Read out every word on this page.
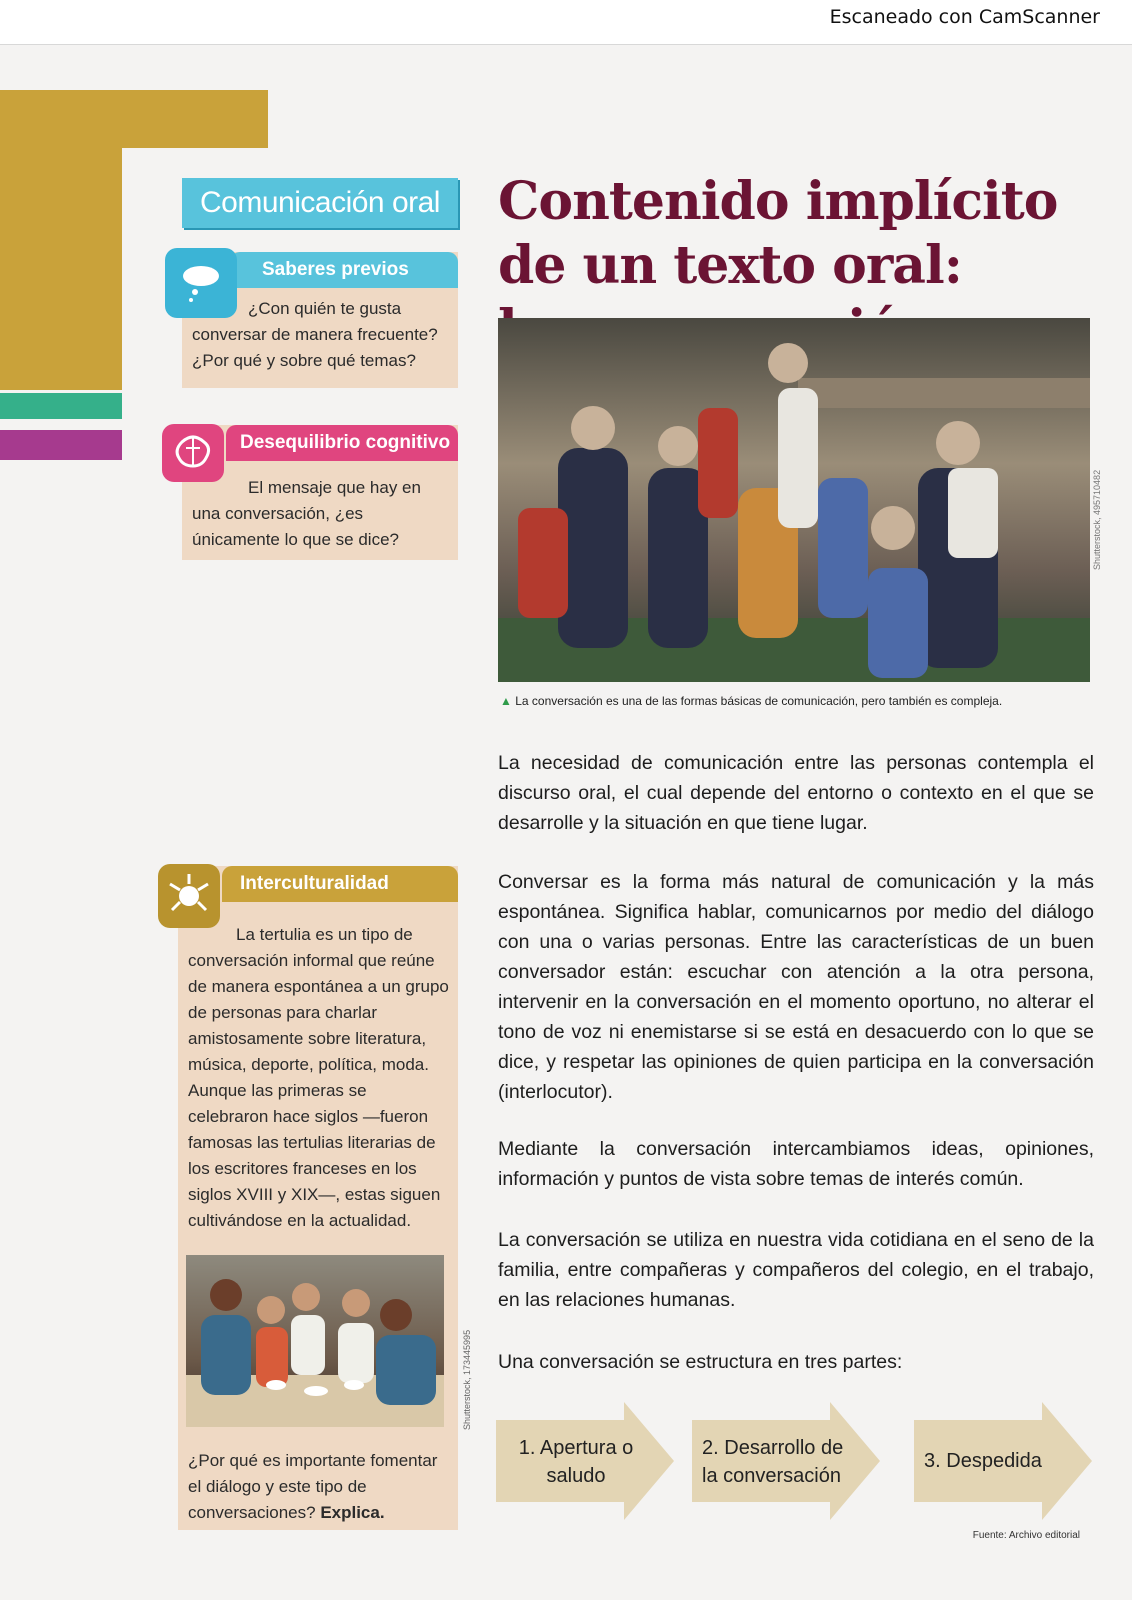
Escaneado con CamScanner
Comunicación oral
Saberes previos
¿Con quién te gusta conversar de manera frecuente? ¿Por qué y sobre qué temas?
Desequilibrio cognitivo
El mensaje que hay en una conversación, ¿es únicamente lo que se dice?
Contenido implícito de un texto oral:
Shutterstock, 495710482
▲ La conversación es una de las formas básicas de comunicación, pero también es compleja.
La necesidad de comunicación entre las personas contempla el discurso oral, el cual depende del entorno o contexto en el que se desarrolle y la situación en que tiene lugar.
Conversar es la forma más natural de comunicación y la más espontánea. Significa hablar, comunicarnos por medio del diálogo con una o varias personas. Entre las características de un buen conversador están: escuchar con atención a la otra persona, intervenir en la conversación en el momento oportuno, no alterar el tono de voz ni enemistarse si se está en desacuerdo con lo que se dice, y respetar las opiniones de quien participa en la conversación (interlocutor).
Mediante la conversación intercambiamos ideas, opiniones, información y puntos de vista sobre temas de interés común.
La conversación se utiliza en nuestra vida cotidiana en el seno de la familia, entre compañeras y compañeros del colegio, en el trabajo, en las relaciones humanas.
Una conversación se estructura en tres partes:
Interculturalidad
La tertulia es un tipo de conversación informal que reúne de manera espontánea a un grupo de personas para charlar amistosamente sobre literatura, música, deporte, política, moda. Aunque las primeras se celebraron hace siglos —fueron famosas las tertulias literarias de los escritores franceses en los siglos XVIII y XIX—, estas siguen cultivándose en la actualidad.
¿Por qué es importante fomentar el diálogo y este tipo de conversaciones? Explica.
Shutterstock, 173445995
1. Apertura o saludo
2. Desarrollo de la conversación
3. Despedida
Fuente: Archivo editorial
